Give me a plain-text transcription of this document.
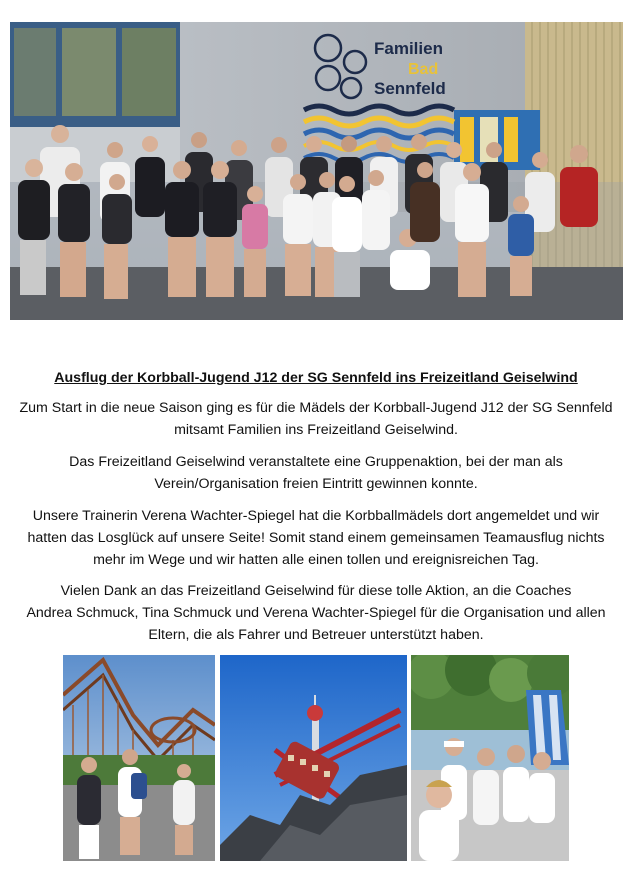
Familien
Bad
Sennfeld
Ausflug der Korbball-Jugend J12 der SG Sennfeld ins Freizeitland Geiselwind
Zum Start in die neue Saison ging es für die Mädels der Korbball-Jugend J12 der SG Sennfeld
mitsamt Familien ins Freizeitland Geiselwind.
Das Freizeitland Geiselwind veranstaltete eine Gruppenaktion, bei der man als
Verein/Organisation freien Eintritt gewinnen konnte.
Unsere Trainerin Verena Wachter-Spiegel hat die Korbballmädels dort angemeldet und wir
hatten das Losglück auf unsere Seite! Somit stand einem gemeinsamen Teamausflug nichts
mehr im Wege und wir hatten alle einen tollen und ereignisreichen Tag.
Vielen Dank an das Freizeitland Geiselwind für diese tolle Aktion, an die Coaches
Andrea Schmuck, Tina Schmuck und Verena Wachter-Spiegel für die Organisation und allen
Eltern, die als Fahrer und Betreuer unterstützt haben.
